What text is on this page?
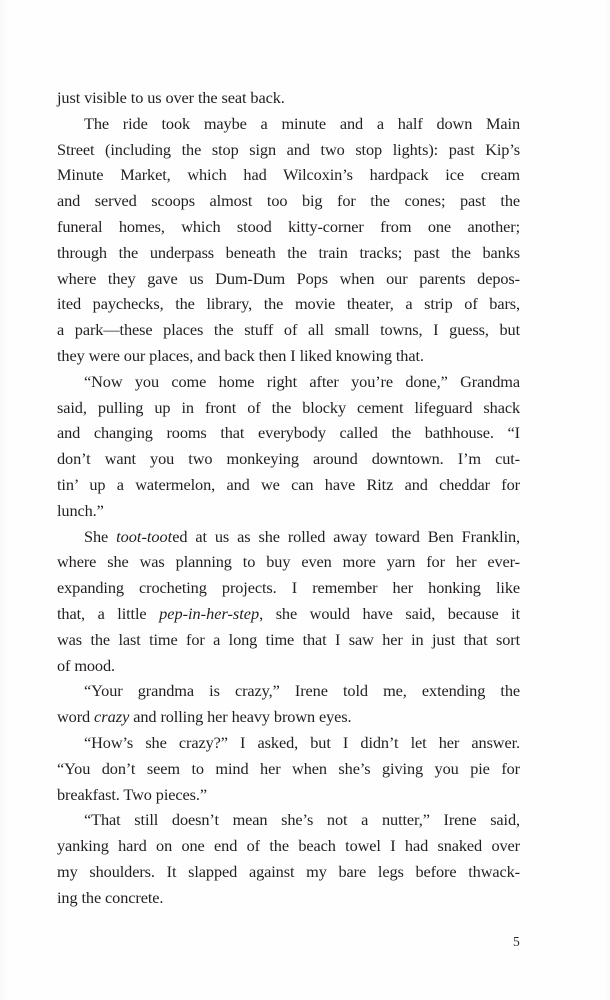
just visible to us over the seat back.
The ride took maybe a minute and a half down Main
Street (including the stop sign and two stop lights): past Kip’s
Minute Market, which had Wilcoxin’s hardpack ice cream
and served scoops almost too big for the cones; past the
funeral homes, which stood kitty-corner from one another;
through the underpass beneath the train tracks; past the banks
where they gave us Dum-Dum Pops when our parents depos-
ited paychecks, the library, the movie theater, a strip of bars,
a park—these places the stuff of all small towns, I guess, but
they were our places, and back then I liked knowing that.
“Now you come home right after you’re done,” Grandma
said, pulling up in front of the blocky cement lifeguard shack
and changing rooms that everybody called the bathhouse. “I
don’t want you two monkeying around downtown. I’m cut-
tin’ up a watermelon, and we can have Ritz and cheddar for
lunch.”
She toot-tooted at us as she rolled away toward Ben Franklin,
where she was planning to buy even more yarn for her ever-
expanding crocheting projects. I remember her honking like
that, a little pep-in-her-step, she would have said, because it
was the last time for a long time that I saw her in just that sort
of mood.
“Your grandma is crazy,” Irene told me, extending the
word crazy and rolling her heavy brown eyes.
“How’s she crazy?” I asked, but I didn’t let her answer.
“You don’t seem to mind her when she’s giving you pie for
breakfast. Two pieces.”
“That still doesn’t mean she’s not a nutter,” Irene said,
yanking hard on one end of the beach towel I had snaked over
my shoulders. It slapped against my bare legs before thwack-
ing the concrete.
5
